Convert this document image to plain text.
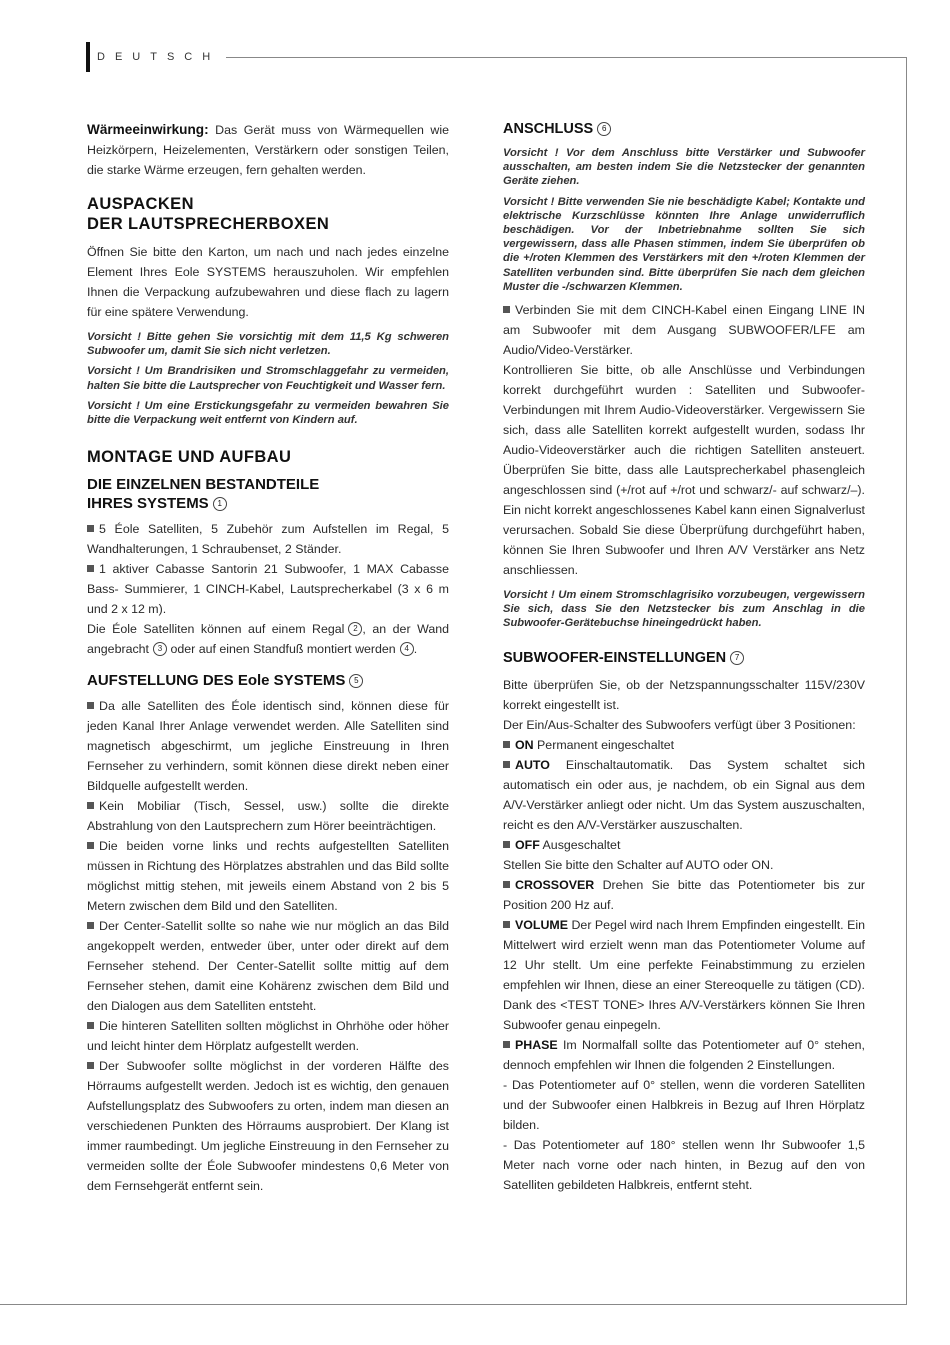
DEUTSCH

Wärmeeinwirkung: Das Gerät muss von Wärmequellen wie Heizkörpern, Heizelementen, Verstärkern oder sonstigen Teilen, die starke Wärme erzeugen, fern gehalten werden.

AUSPACKEN
DER LAUTSPRECHERBOXEN

Öffnen Sie bitte den Karton, um nach und nach jedes einzelne Element Ihres Eole SYSTEMS herauszuholen. Wir empfehlen Ihnen die Verpackung aufzubewahren und diese flach zu lagern für eine spätere Verwendung.

Vorsicht ! Bitte gehen Sie vorsichtig mit dem 11,5 Kg schweren Subwoofer um, damit Sie sich nicht verletzen.
Vorsicht ! Um Brandrisiken und Stromschlaggefahr zu vermeiden, halten Sie bitte die Lautsprecher von Feuchtigkeit und Wasser fern.
Vorsicht ! Um eine Erstickungsgefahr zu vermeiden bewahren Sie bitte die Verpackung weit entfernt von Kindern auf.
MONTAGE UND AUFBAU
DIE EINZELNEN BESTANDTEILE
IHRES SYSTEMS 1

5 Éole Satelliten, 5 Zubehör zum Aufstellen im Regal, 5 Wandhalterungen, 1 Schraubenset, 2 Ständer.

1 aktiver Cabasse Santorin 21 Subwoofer, 1 MAX Cabasse Bass- Summierer, 1 CINCH-Kabel, Lautsprecherkabel (3 x 6 m und 2 x 12 m).

Die Éole Satelliten können auf einem Regal 2 , an der Wand angebracht 3 oder auf einen Standfuß montiert werden 4 .

AUFSTELLUNG DES Eole SYSTEMS 5

Da alle Satelliten des Éole identisch sind, können diese für jeden Kanal Ihrer Anlage verwendet werden. Alle Satelliten sind magnetisch abgeschirmt, um jegliche Einstreuung in Ihren Fernseher zu verhindern, somit können diese direkt neben einer Bildquelle aufgestellt werden.

Kein Mobiliar (Tisch, Sessel, usw.) sollte die direkte Abstrahlung von den Lautsprechern zum Hörer beeinträchtigen.

Die beiden vorne links und rechts aufgestellten Satelliten müssen in Richtung des Hörplatzes abstrahlen und das Bild sollte möglichst mittig stehen, mit jeweils einem Abstand von 2 bis 5 Metern zwischen dem Bild und den Satelliten.

Der Center-Satellit sollte so nahe wie nur möglich an das Bild angekoppelt werden, entweder über, unter oder direkt auf dem Fernseher stehend. Der Center-Satellit sollte mittig auf dem Fernseher stehen, damit eine Kohärenz zwischen dem Bild und den Dialogen aus dem Satelliten entsteht.

Die hinteren Satelliten sollten möglichst in Ohrhöhe oder höher und leicht hinter dem Hörplatz aufgestellt werden.

Der Subwoofer sollte möglichst in der vorderen Hälfte des Hörraums aufgestellt werden. Jedoch ist es wichtig, den genauen Aufstellungsplatz des Subwoofers zu orten, indem man diesen an verschiedenen Punkten des Hörraums ausprobiert. Der Klang ist immer raumbedingt. Um jegliche Einstreuung in den Fernseher zu vermeiden sollte der Éole Subwoofer mindestens 0,6 Meter von dem Fernsehgerät entfernt sein.

ANSCHLUSS 6
Vorsicht ! Vor dem Anschluss bitte Verstärker und Subwoofer ausschalten, am besten indem Sie die Netzstecker der genannten Geräte ziehen.
Vorsicht ! Bitte verwenden Sie nie beschädigte Kabel; Kontakte und elektrische Kurzschlüsse könnten Ihre Anlage unwiderruflich beschädigen. Vor der Inbetriebnahme sollten Sie sich vergewissern, dass alle Phasen stimmen, indem Sie überprüfen ob die +/roten Klemmen des Verstärkers mit den +/roten Klemmen der Satelliten verbunden sind. Bitte überprüfen Sie nach dem gleichen Muster die -/schwarzen Klemmen.

Verbinden Sie mit dem CINCH-Kabel einen Eingang LINE IN am Subwoofer mit dem Ausgang SUBWOOFER/LFE am Audio/Video-Verstärker.

Kontrollieren Sie bitte, ob alle Anschlüsse und Verbindungen korrekt durchgeführt wurden : Satelliten und Subwoofer-Verbindungen mit Ihrem Audio-Videoverstärker. Vergewissern Sie sich, dass alle Satelliten korrekt aufgestellt wurden, sodass Ihr Audio-Videoverstärker auch die richtigen Satelliten ansteuert. Überprüfen Sie bitte, dass alle Lautsprecherkabel phasengleich angeschlossen sind (+/rot auf +/rot und schwarz/- auf schwarz/–). Ein nicht korrekt angeschlossenes Kabel kann einen Signalverlust verursachen. Sobald Sie diese Überprüfung durchgeführt haben, können Sie Ihren Subwoofer und Ihren A/V Verstärker ans Netz anschliessen.

Vorsicht ! Um einem Stromschlagrisiko vorzubeugen, vergewissern Sie sich, dass Sie den Netzstecker bis zum Anschlag in die Subwoofer-Gerätebuchse hineingedrückt haben.
SUBWOOFER-EINSTELLUNGEN 7

Bitte überprüfen Sie, ob der Netzspannungsschalter 115V/230V korrekt eingestellt ist.

Der Ein/Aus-Schalter des Subwoofers verfügt über 3 Positionen:

ON Permanent eingeschaltet

AUTO Einschaltautomatik. Das System schaltet sich automatisch ein oder aus, je nachdem, ob ein Signal aus dem A/V-Verstärker anliegt oder nicht. Um das System auszuschalten, reicht es den A/V-Verstärker auszuschalten.

OFF Ausgeschaltet

Stellen Sie bitte den Schalter auf AUTO oder ON.

CROSSOVER Drehen Sie bitte das Potentiometer bis zur Position 200 Hz auf.

VOLUME Der Pegel wird nach Ihrem Empfinden eingestellt. Ein Mittelwert wird erzielt wenn man das Potentiometer Volume auf 12 Uhr stellt. Um eine perfekte Feinabstimmung zu erzielen empfehlen wir Ihnen, diese an einer Stereoquelle zu tätigen (CD). Dank des <TEST TONE> Ihres A/V-Verstärkers können Sie Ihren Subwoofer genau einpegeln.

PHASE Im Normalfall sollte das Potentiometer auf 0° stehen, dennoch empfehlen wir Ihnen die folgenden 2 Einstellungen.

- Das Potentiometer auf 0° stellen, wenn die vorderen Satelliten und der Subwoofer einen Halbkreis in Bezug auf Ihren Hörplatz bilden.

- Das Potentiometer auf 180° stellen wenn Ihr Subwoofer 1,5 Meter nach vorne oder nach hinten, in Bezug auf den von Satelliten gebildeten Halbkreis, entfernt steht.
